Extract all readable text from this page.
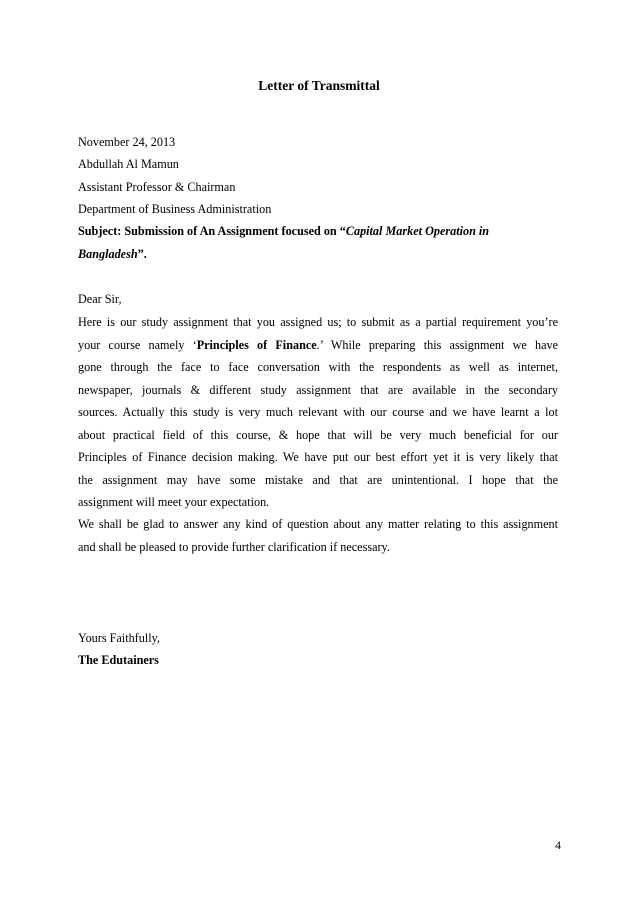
Letter of Transmittal
November 24, 2013
Abdullah Al Mamun
Assistant Professor & Chairman
Department of Business Administration
Subject: Submission of An Assignment focused on “Capital Market Operation in
Bangladesh”.
Dear Sir,
Here is our study assignment that you assigned us; to submit as a partial requirement you’re
your course namely ‘Principles of Finance.’ While preparing this assignment we have
gone through the face to face conversation with the respondents as well as internet,
newspaper, journals & different study assignment that are available in the secondary
sources. Actually this study is very much relevant with our course and we have learnt a lot
about practical field of this course, & hope that will be very much beneficial for our
Principles of Finance decision making. We have put our best effort yet it is very likely that
the assignment may have some mistake and that are unintentional. I hope that the
assignment will meet your expectation.
We shall be glad to answer any kind of question about any matter relating to this assignment
and shall be pleased to provide further clarification if necessary.
Yours Faithfully,
The Edutainers
4
